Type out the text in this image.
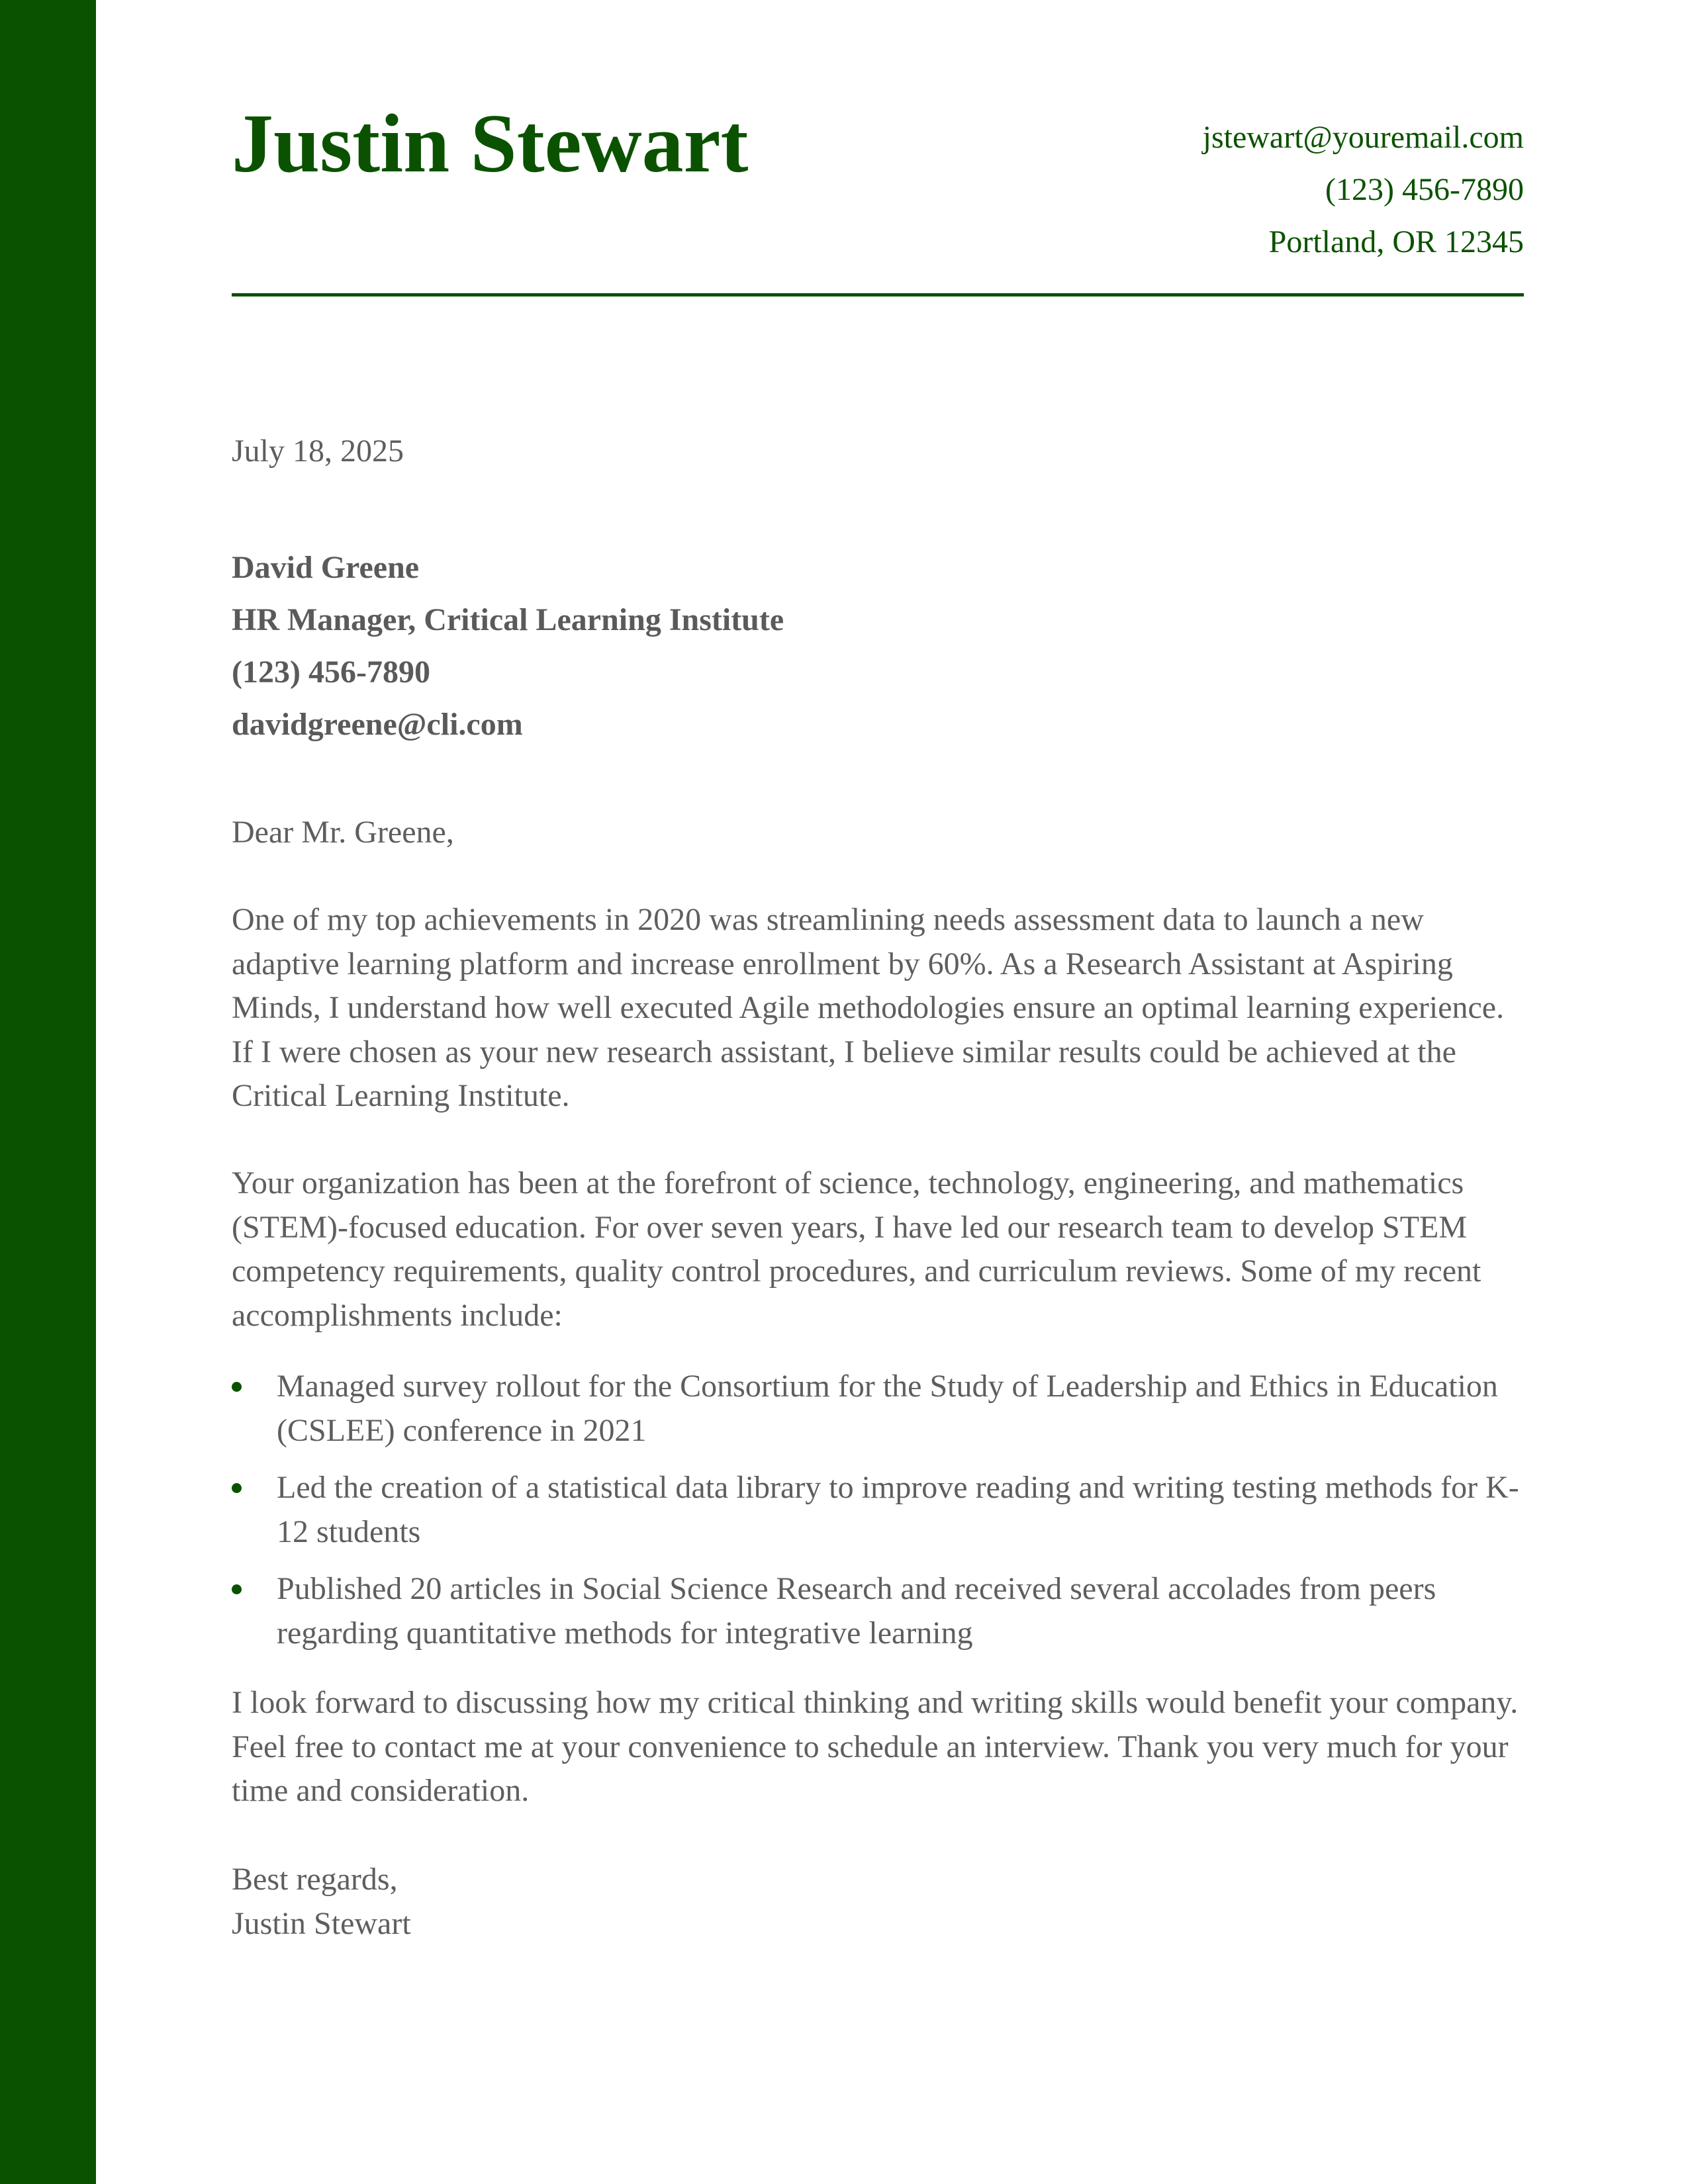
Justin Stewart	jstewart@youremail.com
(123) 456-7890
Portland, OR 12345
July 18, 2025
David Greene
HR Manager, Critical Learning Institute
(123) 456-7890
davidgreene@cli.com
Dear Mr. Greene,

One of my top achievements in 2020 was streamlining needs assessment data to launch a new adaptive learning platform and increase enrollment by 60%. As a Research Assistant at Aspiring Minds, I understand how well executed Agile methodologies ensure an optimal learning experience. If I were chosen as your new research assistant, I believe similar results could be achieved at the Critical Learning Institute.

Your organization has been at the forefront of science, technology, engineering, and mathematics (STEM)-focused education. For over seven years, I have led our research team to develop STEM competency requirements, quality control procedures, and curriculum reviews. Some of my recent accomplishments include:

Managed survey rollout for the Consortium for the Study of Leadership and Ethics in Education (CSLEE) conference in 2021
Led the creation of a statistical data library to improve reading and writing testing methods for K-12 students
Published 20 articles in Social Science Research and received several accolades from peers regarding quantitative methods for integrative learning

I look forward to discussing how my critical thinking and writing skills would benefit your company. Feel free to contact me at your convenience to schedule an interview. Thank you very much for your time and consideration.

Best regards,
Justin Stewart
